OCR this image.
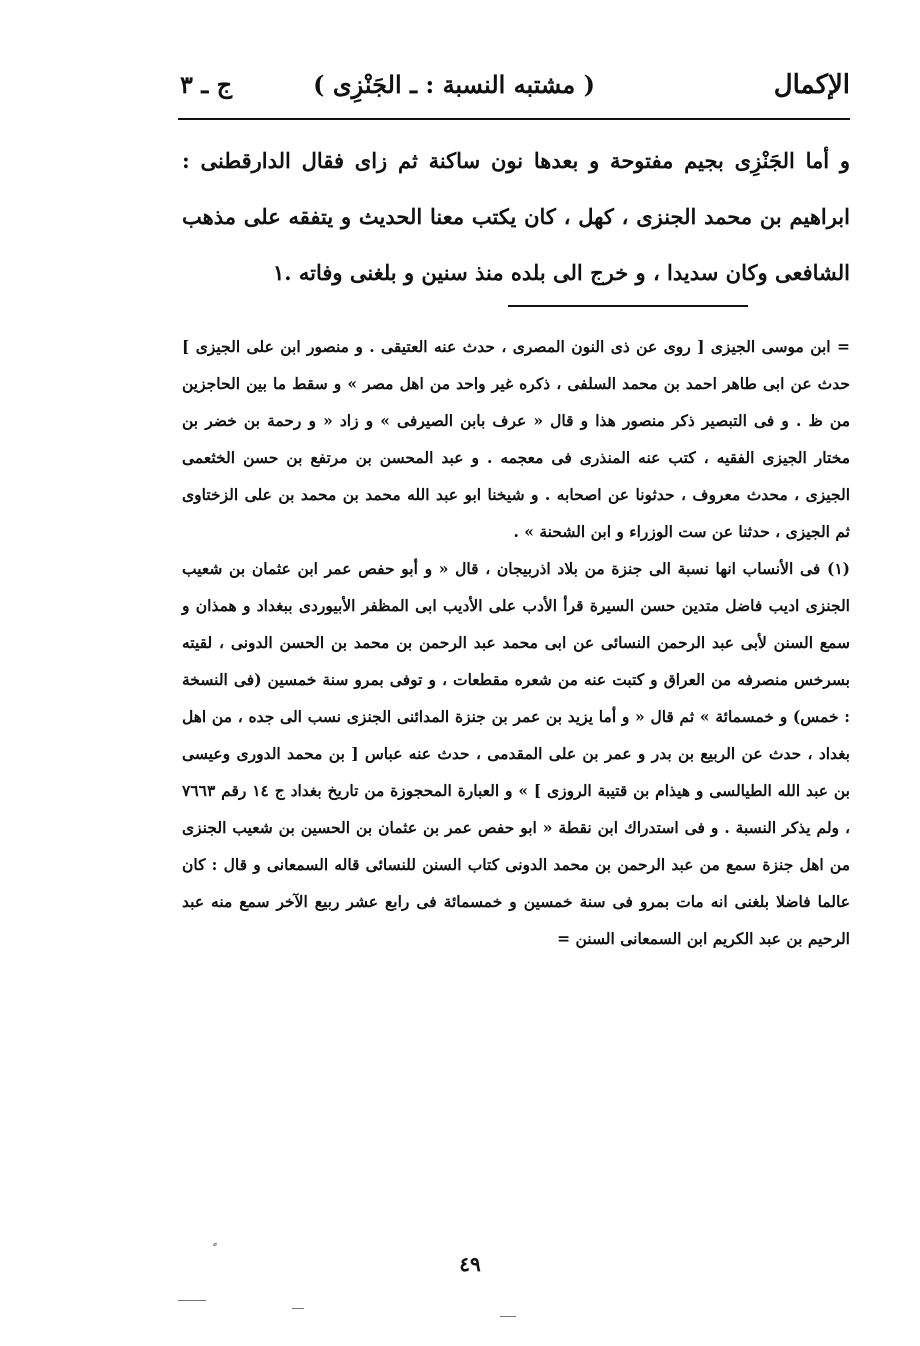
الإكمال
( مشتبه النسبة : ـ الجَنْزِى )
ج ـ ٣

و أما الجَنْزِى بجيم مفتوحة و بعدها نون ساكنة ثم زاى فقال الدارقطنى : ابراهيم بن محمد الجنزى ، كهل ، كان يكتب معنا الحديث و يتفقه على مذهب الشافعى وكان سديدا ، و خرج الى بلده منذ سنين و بلغنى وفاته .١

= ابن موسى الجيزى [ روى عن ذى النون المصرى ، حدث عنه العتيقى . و منصور ابن على الجيزى ] حدث عن ابى طاهر احمد بن محمد السلفى ، ذكره غير واحد من اهل مصر » و سقط ما بين الحاجزين من ظ . و فى التبصير ذكر منصور هذا و قال « عرف بابن الصيرفى » و زاد « و رحمة بن خضر بن مختار الجيزى الفقيه ، كتب عنه المنذرى فى معجمه . و عبد المحسن بن مرتفع بن حسن الخثعمى الجيزى ، محدث معروف ، حدثونا عن اصحابه . و شيخنا ابو عبد الله محمد بن محمد بن على الزختاوى ثم الجيزى ، حدثنا عن ست الوزراء و ابن الشحنة » .

(١) فى الأنساب انها نسبة الى جنزة من بلاد اذربيجان ، قال « و أبو حفص عمر ابن عثمان بن شعيب الجنزى اديب فاضل متدين حسن السيرة قرأ الأدب على الأديب ابى المظفر الأبيوردى ببغداد و همذان و سمع السنن لأبى عبد الرحمن النسائى عن ابى محمد عبد الرحمن بن محمد بن الحسن الدونى ، لقيته بسرخس منصرفه من العراق و كتبت عنه من شعره مقطعات ، و توفى بمرو سنة خمسين (فى النسخة : خمس) و خمسمائة » ثم قال « و أما يزيد بن عمر بن جنزة المدائنى الجنزى نسب الى جده ، من اهل بغداد ، حدث عن الربيع بن بدر و عمر بن على المقدمى ، حدث عنه عباس [ بن محمد الدورى وعيسى بن عبد الله الطيالسى و هيذام بن قتيبة الروزى ] » و العبارة المحجوزة من تاريخ بغداد ج ١٤ رقم ٧٦٦٣ ، ولم يذكر النسبة . و فى استدراك ابن نقطة « ابو حفص عمر بن عثمان بن الحسين بن شعيب الجنزى من اهل جنزة سمع من عبد الرحمن بن محمد الدونى كتاب السنن للنسائى قاله السمعانى و قال : كان عالما فاضلا بلغنى انه مات بمرو فى سنة خمسين و خمسمائة فى رابع عشر ربيع الآخر سمع منه عبد الرحيم بن عبد الكريم ابن السمعانى السنن =

٤٩
